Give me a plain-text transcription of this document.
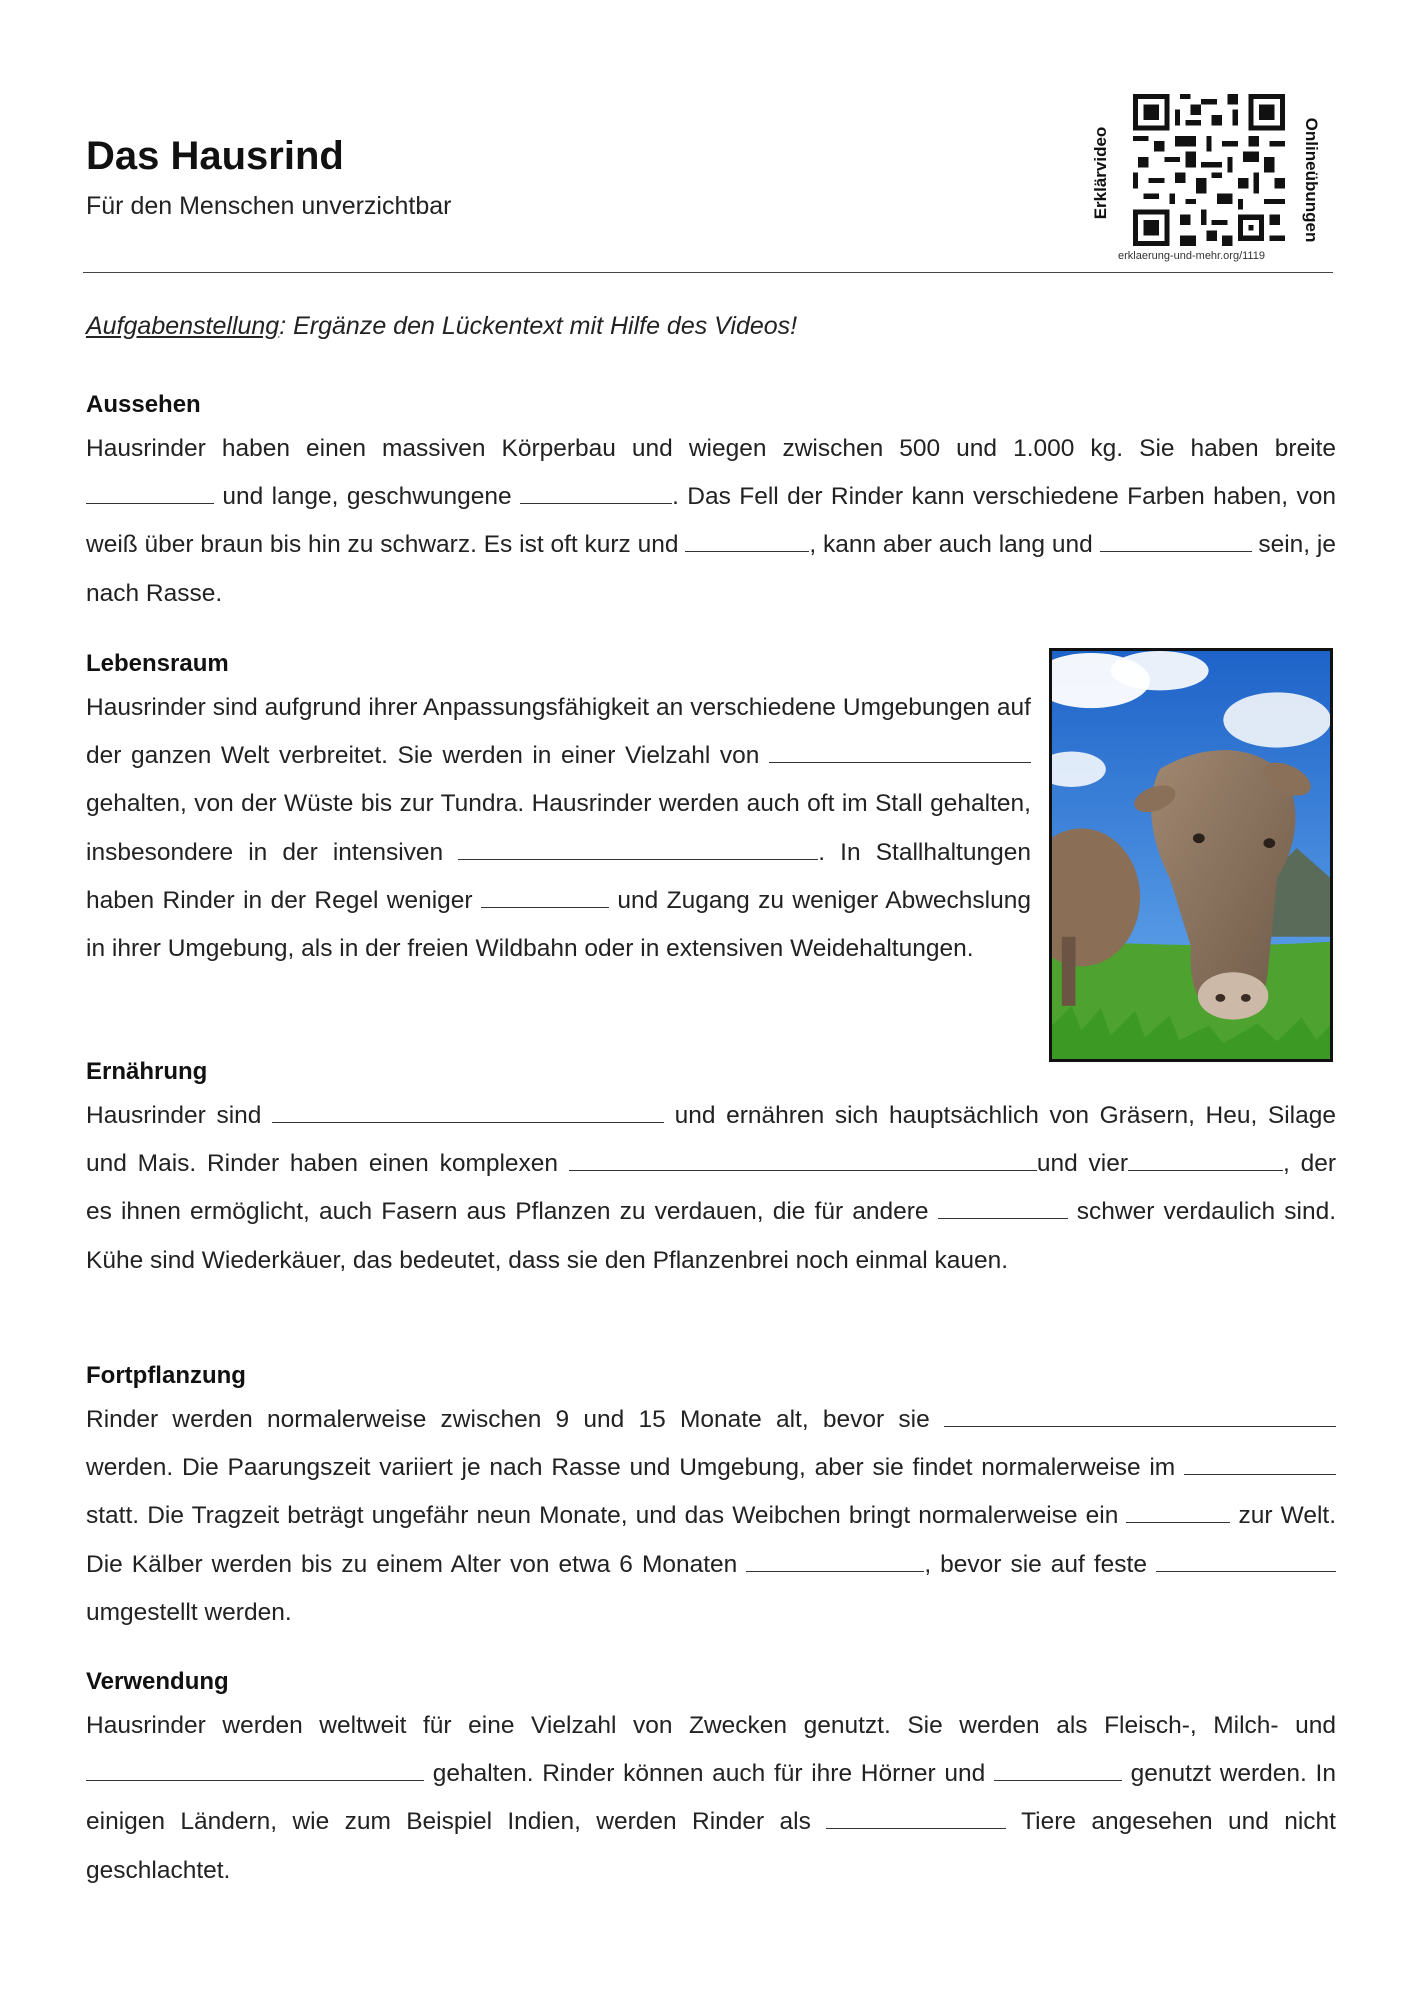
Das Hausrind
Für den Menschen unverzichtbar	Erklärvideo	Onlineübungen
erklaerung-und-mehr.org/1119
Aufgabenstellung: Ergänze den Lückentext mit Hilfe des Videos!
Aussehen
Hausrinder haben einen massiven Körperbau und wiegen zwischen 500 und 1.000 kg. Sie haben breite  und lange, geschwungene	. Das Fell der Rinder kann verschiedene Farben haben, von weiß über braun bis hin zu schwarz. Es ist oft kurz und	, kann aber auch lang und	sein, je nach Rasse.
Lebensraum
Hausrinder sind aufgrund ihrer Anpassungsfähigkeit an verschiedene Umgebungen auf der ganzen Welt verbreitet. Sie werden in einer Vielzahl von  gehalten, von der Wüste bis zur Tundra. Hausrinder werden auch oft im Stall gehalten, insbesondere in der intensiven	. In Stallhaltungen haben Rinder in der Regel weniger	und Zugang zu weniger Abwechslung in ihrer Umgebung, als in der freien Wildbahn oder in extensiven Weidehaltungen.
Ernährung
Hausrinder sind	und ernähren sich hauptsächlich von Gräsern, Heu, Silage und Mais. Rinder haben einen komplexen	und vier	, der es ihnen ermöglicht, auch Fasern aus Pflanzen zu verdauen, die für andere	schwer verdaulich sind. Kühe sind Wiederkäuer, das bedeutet, dass sie den Pflanzenbrei noch einmal kauen.
Fortpflanzung
Rinder werden normalerweise zwischen 9 und 15 Monate alt, bevor sie  werden. Die Paarungszeit variiert je nach Rasse und Umgebung, aber sie findet normalerweise im  statt. Die Tragzeit beträgt ungefähr neun Monate, und das Weibchen bringt normalerweise ein	zur Welt. Die Kälber werden bis zu einem Alter von etwa 6 Monaten	, bevor sie auf feste  umgestellt werden.
Verwendung
Hausrinder werden weltweit für eine Vielzahl von Zwecken genutzt. Sie werden als Fleisch-, Milch- und  gehalten. Rinder können auch für ihre Hörner und	genutzt werden. In einigen Ländern, wie zum Beispiel Indien, werden Rinder als	Tiere angesehen und nicht geschlachtet.
